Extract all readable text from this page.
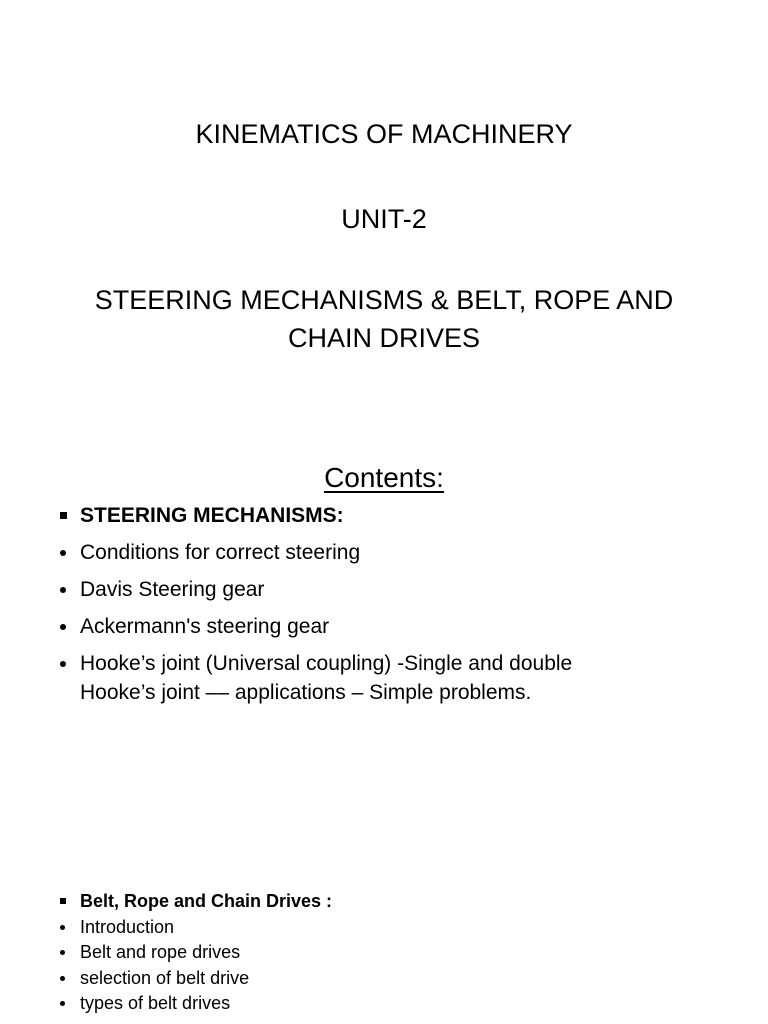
KINEMATICS OF MACHINERY
UNIT-2
STEERING MECHANISMS & BELT, ROPE AND
CHAIN DRIVES
Contents:
STEERING MECHANISMS:
Conditions for correct steering
Davis Steering gear
Ackermann's steering gear
Hooke’s joint (Universal coupling) -Single and double
Hooke’s joint –– applications – Simple problems.
Belt, Rope and Chain Drives :
Introduction
Belt and rope drives
selection of belt drive
types of belt drives
